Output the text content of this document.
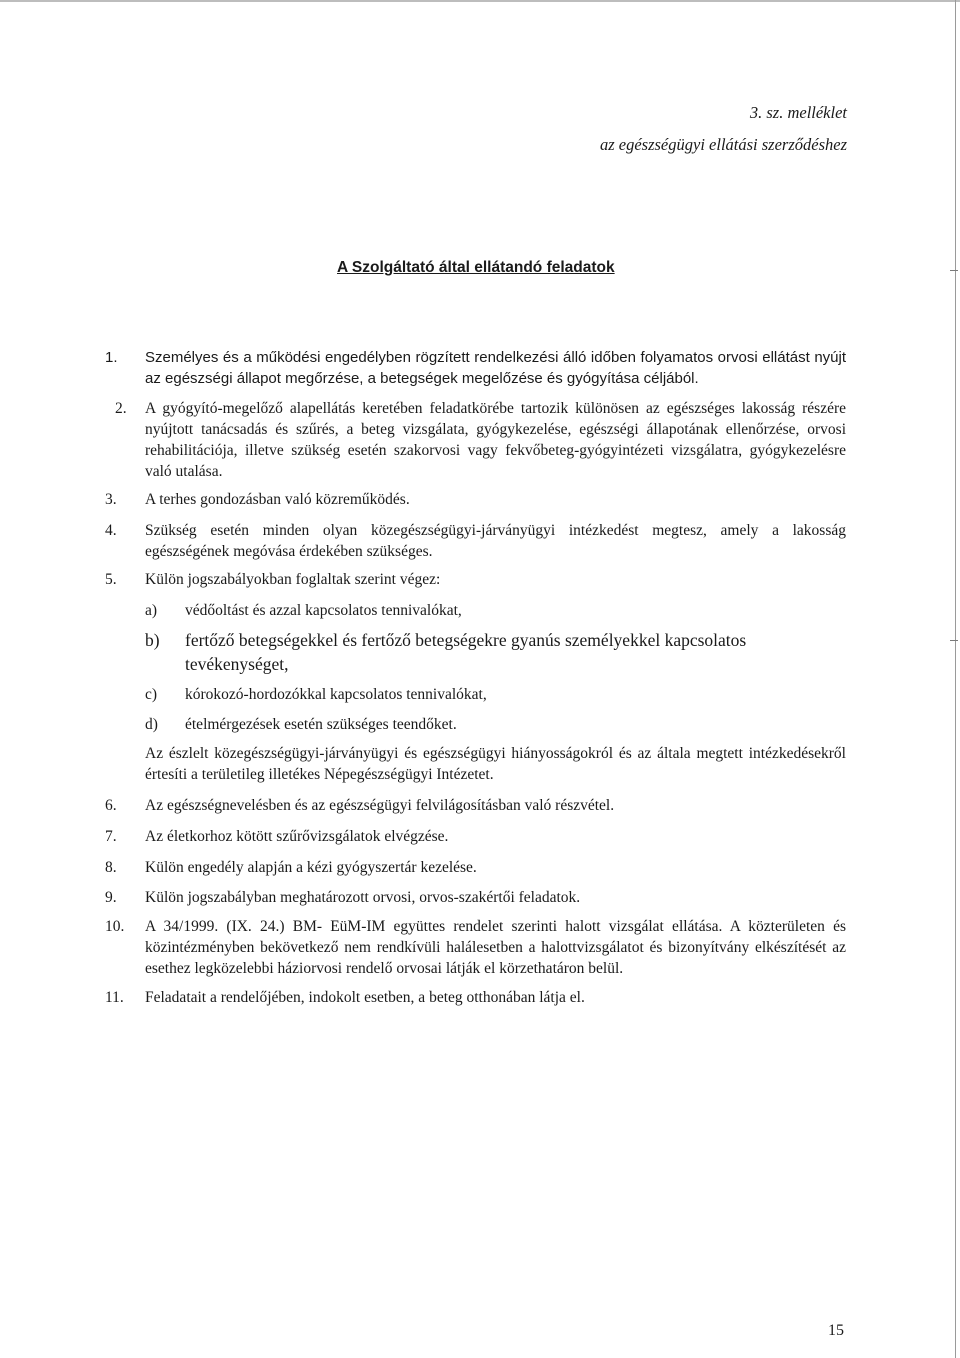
3. sz. melléklet
az egészségügyi ellátási szerződéshez
A Szolgáltató által ellátandó feladatok
1. Személyes és a működési engedélyben rögzített rendelkezési álló időben folyamatos orvosi ellátást nyújt az egészségi állapot megőrzése, a betegségek megelőzése és gyógyítása céljából.
2. A gyógyító-megelőző alapellátás keretében feladatkörébe tartozik különösen az egészséges lakosság részére nyújtott tanácsadás és szűrés, a beteg vizsgálata, gyógykezelése, egészségi állapotának ellenőrzése, orvosi rehabilitációja, illetve szükség esetén szakorvosi vagy fekvőbeteg-gyógyintézeti vizsgálatra, gyógykezelésre való utalása.
3. A terhes gondozásban való közreműködés.
4. Szükség esetén minden olyan közegészségügyi-járványügyi intézkedést megtesz, amely a lakosság egészségének megóvása érdekében szükséges.
5. Külön jogszabályokban foglaltak szerint végez:
a) védőoltást és azzal kapcsolatos tennivalókat,
b) fertőző betegségekkel és fertőző betegségekre gyanús személyekkel kapcsolatos tevékenységet,
c) kórokozó-hordozókkal kapcsolatos tennivalókat,
d) ételmérgezések esetén szükséges teendőket.
Az észlelt közegészségügyi-járványügyi és egészségügyi hiányosságokról és az általa megtett intézkedésekről értesíti a területileg illetékes Népegészségügyi Intézetet.
6. Az egészségnevelésben és az egészségügyi felvilágosításban való részvétel.
7. Az életkorhoz kötött szűrővizsgálatok elvégzése.
8. Külön engedély alapján a kézi gyógyszertár kezelése.
9. Külön jogszabályban meghatározott orvosi, orvos-szakértői feladatok.
10. A 34/1999. (IX. 24.) BM- EüM-IM együttes rendelet szerinti halott vizsgálat ellátása. A közterületen és közintézményben bekövetkező nem rendkívüli halálesetben a halottvizsgálatot és bizonyítvány elkészítését az esethez legközelebbi háziorvosi rendelő orvosai látják el körzethatáron belül.
11. Feladatait a rendelőjében, indokolt esetben, a beteg otthonában látja el.
15
